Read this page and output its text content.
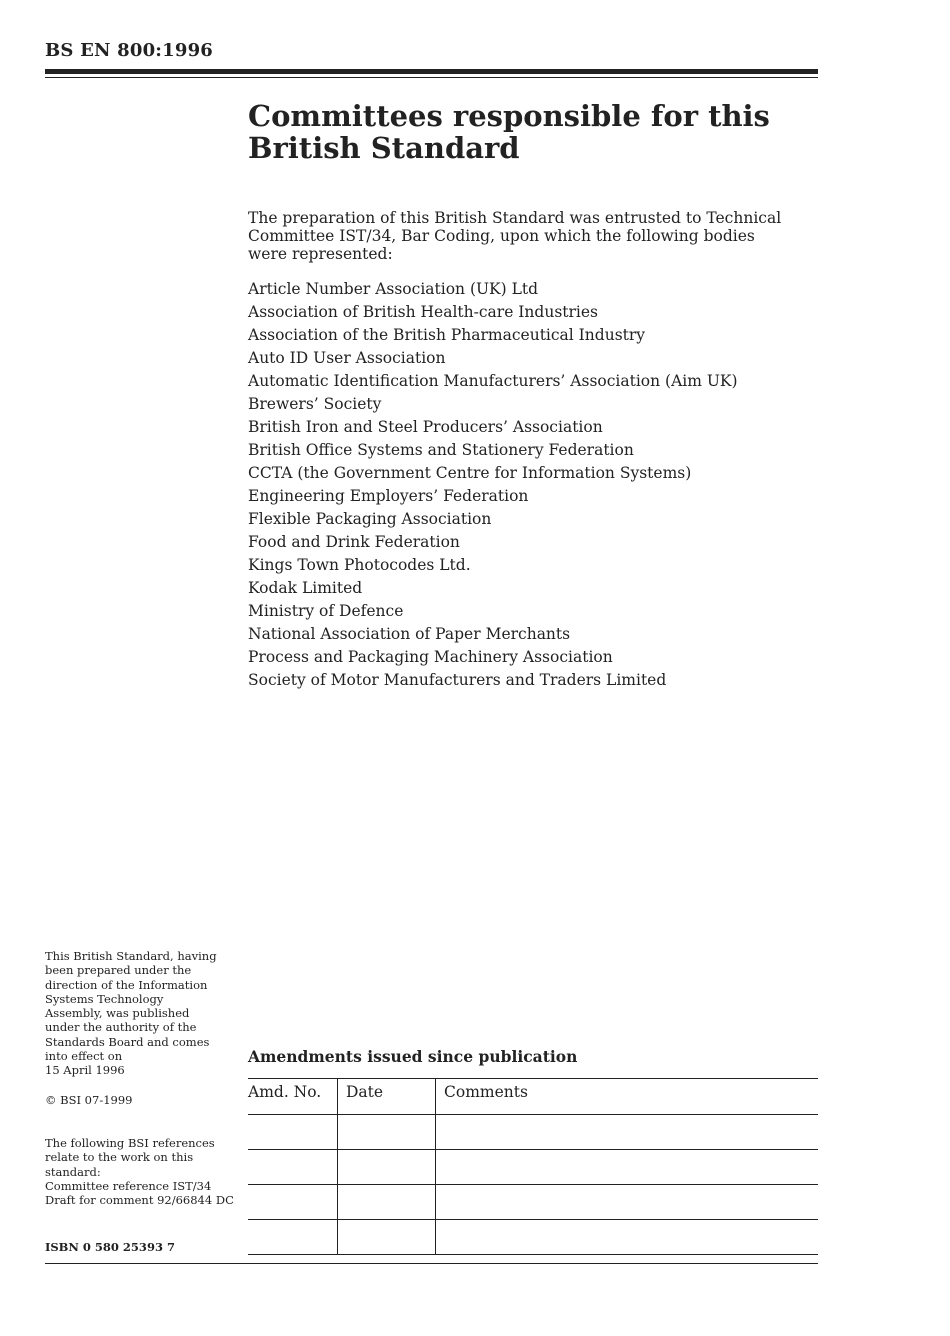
BS EN 800:1996
Committees responsible for this British Standard

The preparation of this British Standard was entrusted to Technical Committee IST/34, Bar Coding, upon which the following bodies were represented:

Article Number Association (UK) Ltd
Association of British Health-care Industries
Association of the British Pharmaceutical Industry
Auto ID User Association
Automatic Identification Manufacturers’ Association (Aim UK)
Brewers’ Society
British Iron and Steel Producers’ Association
British Office Systems and Stationery Federation
CCTA (the Government Centre for Information Systems)
Engineering Employers’ Federation
Flexible Packaging Association
Food and Drink Federation
Kings Town Photocodes Ltd.
Kodak Limited
Ministry of Defence
National Association of Paper Merchants
Process and Packaging Machinery Association
Society of Motor Manufacturers and Traders Limited

This British Standard, having

been prepared under the

direction of the Information

Systems Technology

Assembly, was published

under the authority of the

Standards Board and comes

into effect on

15 April 1996

© BSI 07-1999

The following BSI references

relate to the work on this

standard:

Committee reference IST/34

Draft for comment 92/66844 DC

ISBN 0 580 25393 7
Amendments issued since publication
Amd. No.	Date	Comments
